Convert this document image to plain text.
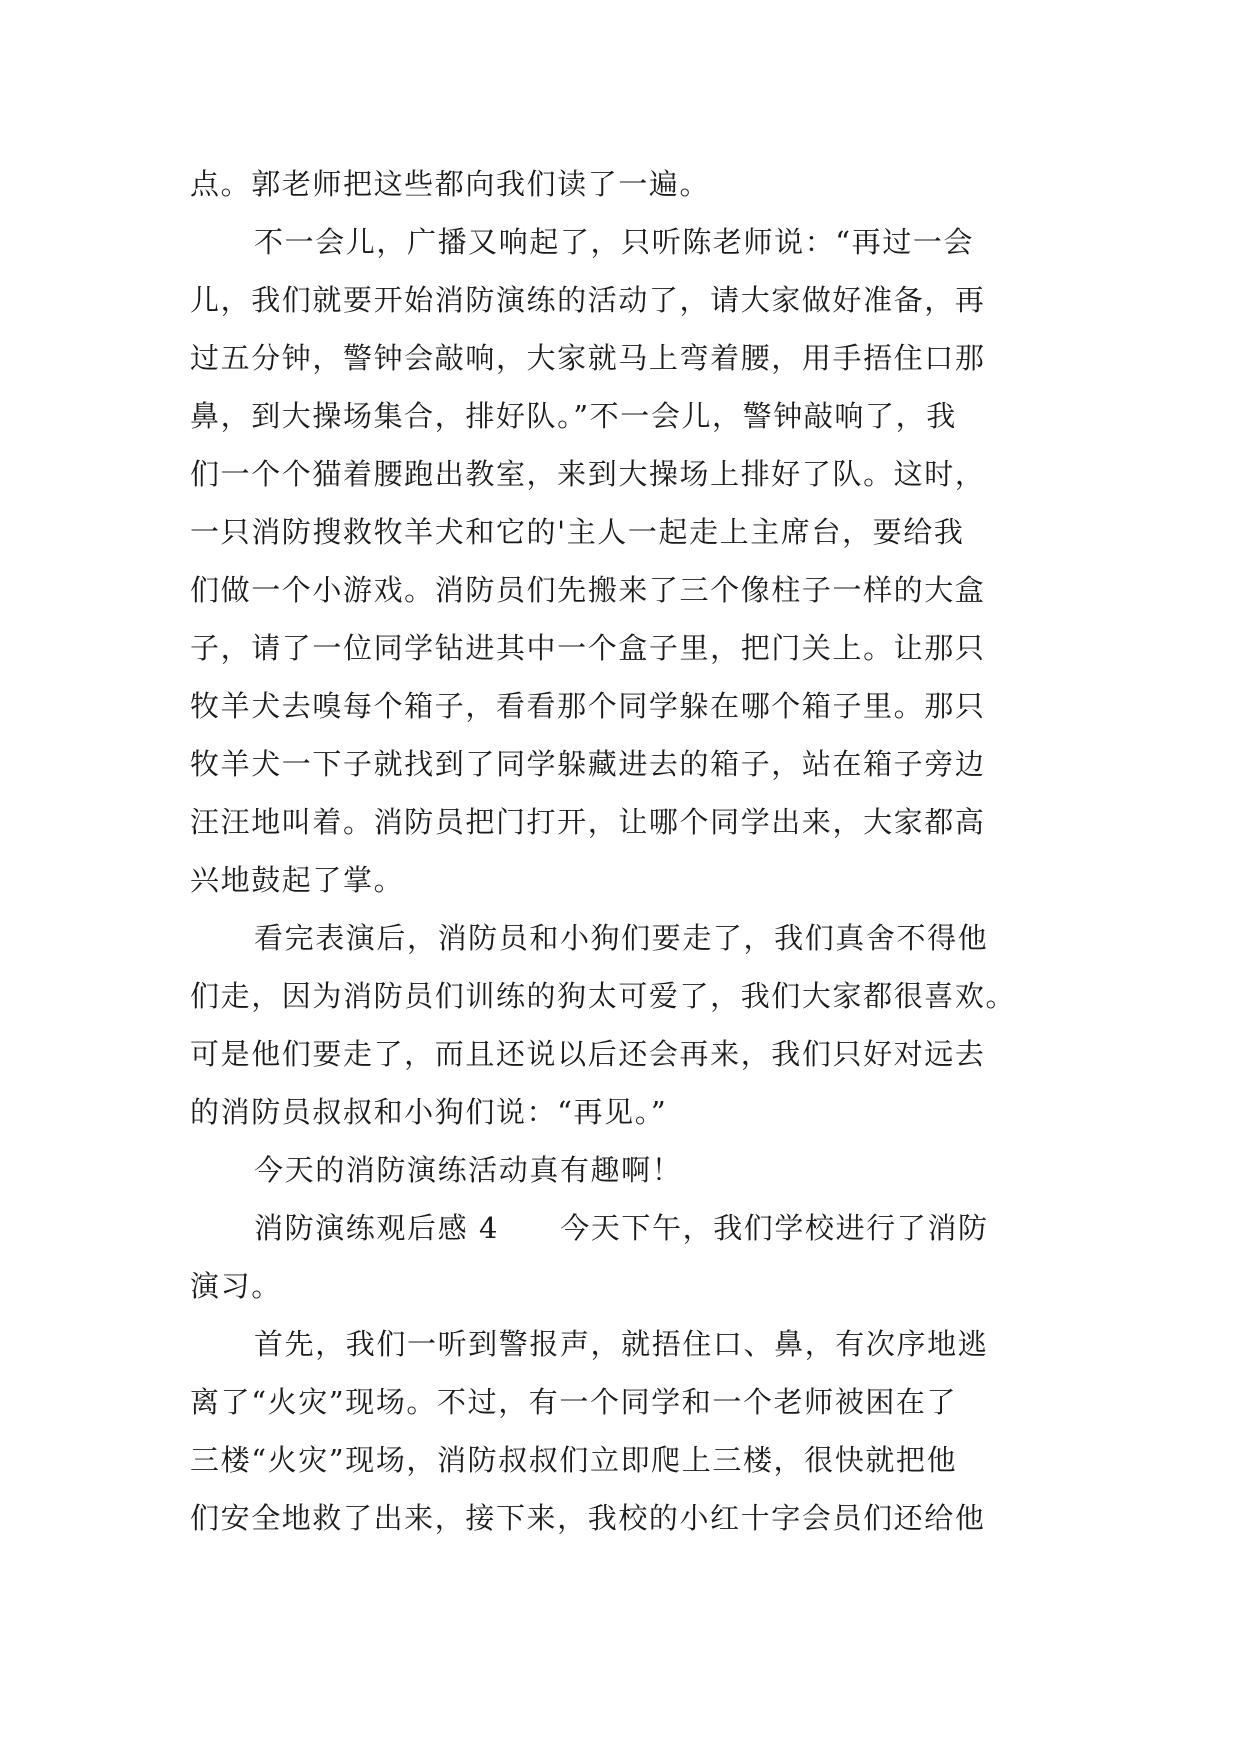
点。郭老师把这些都向我们读了一遍。
不一会儿，广播又响起了，只听陈老师说：“再过一会
儿，我们就要开始消防演练的活动了，请大家做好准备，再
过五分钟，警钟会敲响，大家就马上弯着腰，用手捂住口那
鼻，到大操场集合，排好队。”不一会儿，警钟敲响了，我
们一个个猫着腰跑出教室，来到大操场上排好了队。这时，
一只消防搜救牧羊犬和它的'主人一起走上主席台，要给我
们做一个小游戏。消防员们先搬来了三个像柱子一样的大盒
子，请了一位同学钻进其中一个盒子里，把门关上。让那只
牧羊犬去嗅每个箱子，看看那个同学躲在哪个箱子里。那只
牧羊犬一下子就找到了同学躲藏进去的箱子，站在箱子旁边
汪汪地叫着。消防员把门打开，让哪个同学出来，大家都高
兴地鼓起了掌。
看完表演后，消防员和小狗们要走了，我们真舍不得他
们走，因为消防员们训练的狗太可爱了，我们大家都很喜欢。
可是他们要走了，而且还说以后还会再来，我们只好对远去
的消防员叔叔和小狗们说：“再见。”
今天的消防演练活动真有趣啊！
消防演练观后感 4　　今天下午，我们学校进行了消防
演习。
首先，我们一听到警报声，就捂住口、鼻，有次序地逃
离了“火灾”现场。不过，有一个同学和一个老师被困在了
三楼“火灾”现场，消防叔叔们立即爬上三楼，很快就把他
们安全地救了出来，接下来，我校的小红十字会员们还给他
